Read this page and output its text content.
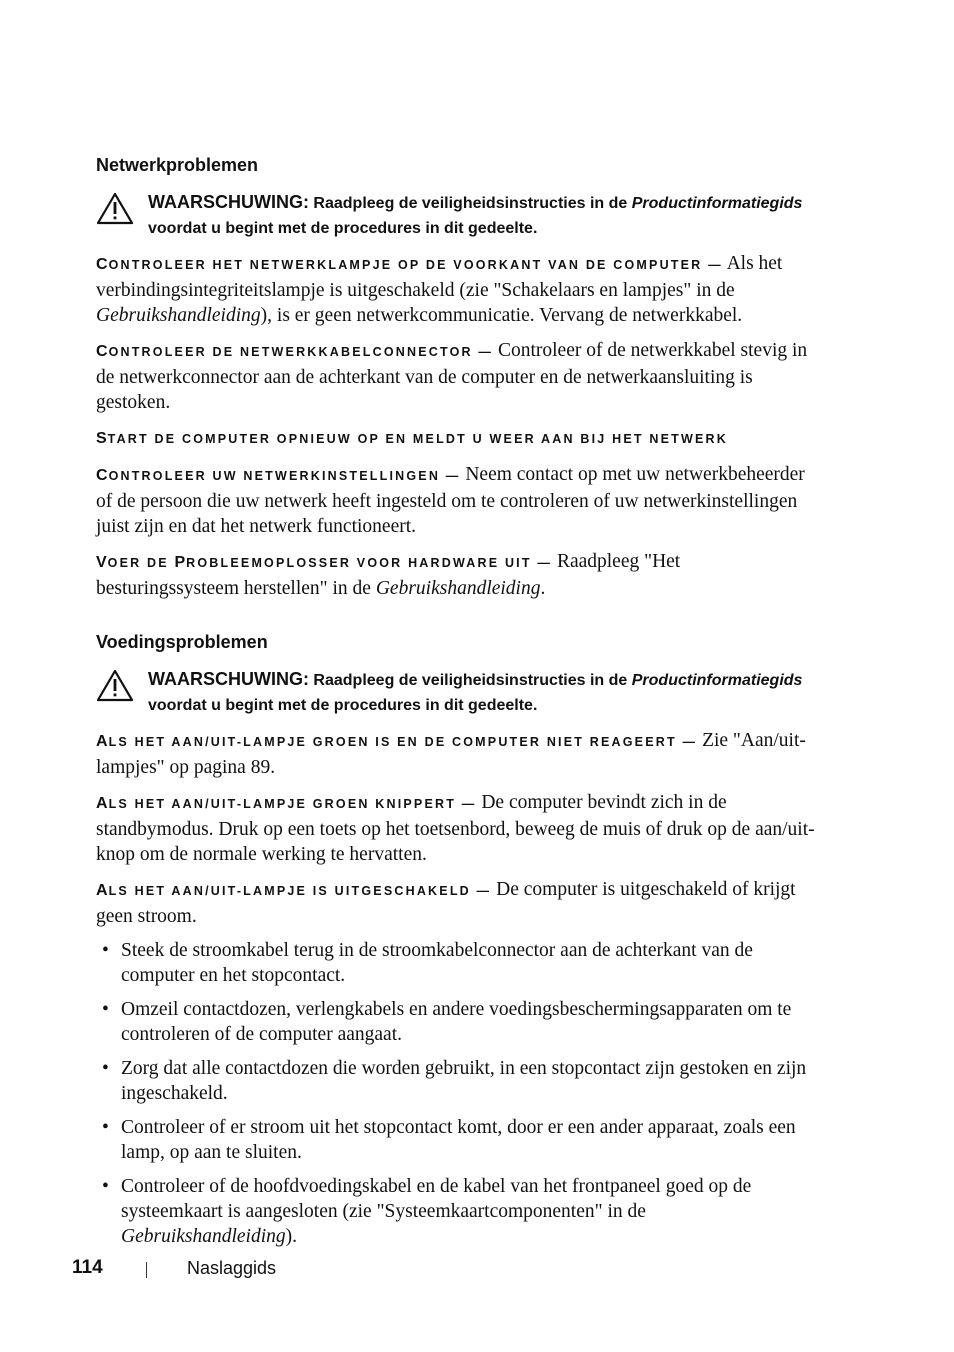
Netwerkproblemen
WAARSCHUWING: Raadpleeg de veiligheidsinstructies in de Productinformatiegids voordat u begint met de procedures in dit gedeelte.

CONTROLEER HET NETWERKLAMPJE OP DE VOORKANT VAN DE COMPUTER — Als het verbindingsintegriteitslampje is uitgeschakeld (zie "Schakelaars en lampjes" in de Gebruikshandleiding), is er geen netwerkcommunicatie. Vervang de netwerkkabel.

CONTROLEER DE NETWERKKABELCONNECTOR — Controleer of de netwerkkabel stevig in de netwerkconnector aan de achterkant van de computer en de netwerkaansluiting is gestoken.

START DE COMPUTER OPNIEUW OP EN MELDT U WEER AAN BIJ HET NETWERK

CONTROLEER UW NETWERKINSTELLINGEN — Neem contact op met uw netwerkbeheerder of de persoon die uw netwerk heeft ingesteld om te controleren of uw netwerkinstellingen juist zijn en dat het netwerk functioneert.

VOER DE PROBLEEMOPLOSSER VOOR HARDWARE UIT — Raadpleeg "Het besturingssysteem herstellen" in de Gebruikshandleiding.

Voedingsproblemen
WAARSCHUWING: Raadpleeg de veiligheidsinstructies in de Productinformatiegids voordat u begint met de procedures in dit gedeelte.

ALS HET AAN/UIT-LAMPJE GROEN IS EN DE COMPUTER NIET REAGEERT — Zie "Aan/uit-lampjes" op pagina 89.

ALS HET AAN/UIT-LAMPJE GROEN KNIPPERT — De computer bevindt zich in de standbymodus. Druk op een toets op het toetsenbord, beweeg de muis of druk op de aan/uit-knop om de normale werking te hervatten.

ALS HET AAN/UIT-LAMPJE IS UITGESCHAKELD — De computer is uitgeschakeld of krijgt geen stroom.

• Steek de stroomkabel terug in de stroomkabelconnector aan de achterkant van de computer en het stopcontact.
• Omzeil contactdozen, verlengkabels en andere voedingsbeschermingsapparaten om te controleren of de computer aangaat.
• Zorg dat alle contactdozen die worden gebruikt, in een stopcontact zijn gestoken en zijn ingeschakeld.
• Controleer of er stroom uit het stopcontact komt, door er een ander apparaat, zoals een lamp, op aan te sluiten.
• Controleer of de hoofdvoedingskabel en de kabel van het frontpaneel goed op de systeemkaart is aangesloten (zie "Systeemkaartcomponenten" in de Gebruikshandleiding).
114	Naslaggids
